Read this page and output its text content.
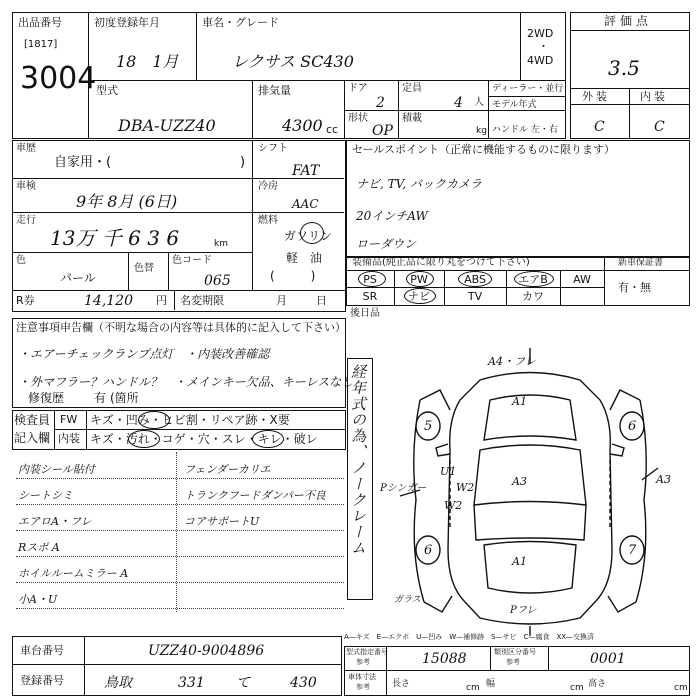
出品番号
[1817]
3004
初度登録年月
18　1月
車名・グレード
レクサス SC430
2WD
・
4WD
型式
DBA-UZZ40
排気量
4300 cc
ドア
2
定員
4 人
ディーラー・並行
モデル年式
形状
OP
積載
kg ハンドル 左・右
評価点
3.5
外装	内装
C	C
車歴
自家用・(	)
車検
9年 8月 (6日)
走行
13万 千 6 3 6	km
色
パール
色替
色コード
065
シフト
FAT
冷房
AAC
燃料
ガソリン
軽　油
(　　　)
R券	14,120 円 名変期限	月	日
セールスポイント（正常に機能するものに限ります）
ナビ, TV, バックカメラ
20インチAW
ローダウン
装備品(純正品に限り丸をつけて下さい)	新車保証書
有・無
PS	PW	ABS	エアB	AW
SR	ナビ	TV	カワ
後日品
注意事項申告欄（不明な場合の内容等は具体的に記入して下さい）
・エアーチェックランプ点灯　・内装改善確認
・外マフラー？ハンドル？　・メインキー欠品、キーレスなし
修復歴 有 (箇所
検査員
記入欄
FW キズ・凹み・ヒビ割・リペア跡・X要
内装 キズ・汚れ・コゲ・穴・スレ・キレ・破レ
内装シール貼付
シートシミ
エアロA・フレ
Rスポ A
ホイルルームミラー A
小A・U
フェンダーカリエ
トランクフードダンパー不良
コアサポートU	経年式の為、ノークレーム
A4・フレ
A1
A3	A3
Pシンガー
U1
W2
W2
A1
Pフレ
ガラス
5	6
6	7
A—キズ　E—エクボ　U—凹み　W—補修跡　S—サビ　C—腐食　XX—交換済
車台番号	UZZ40-9004896
登録番号	鳥取	331 て	430
型式指定番号
参考	15088	類別区分番号
参考	0001
車体寸法
参考 長さ	cm 幅	cm 高さ	cm
